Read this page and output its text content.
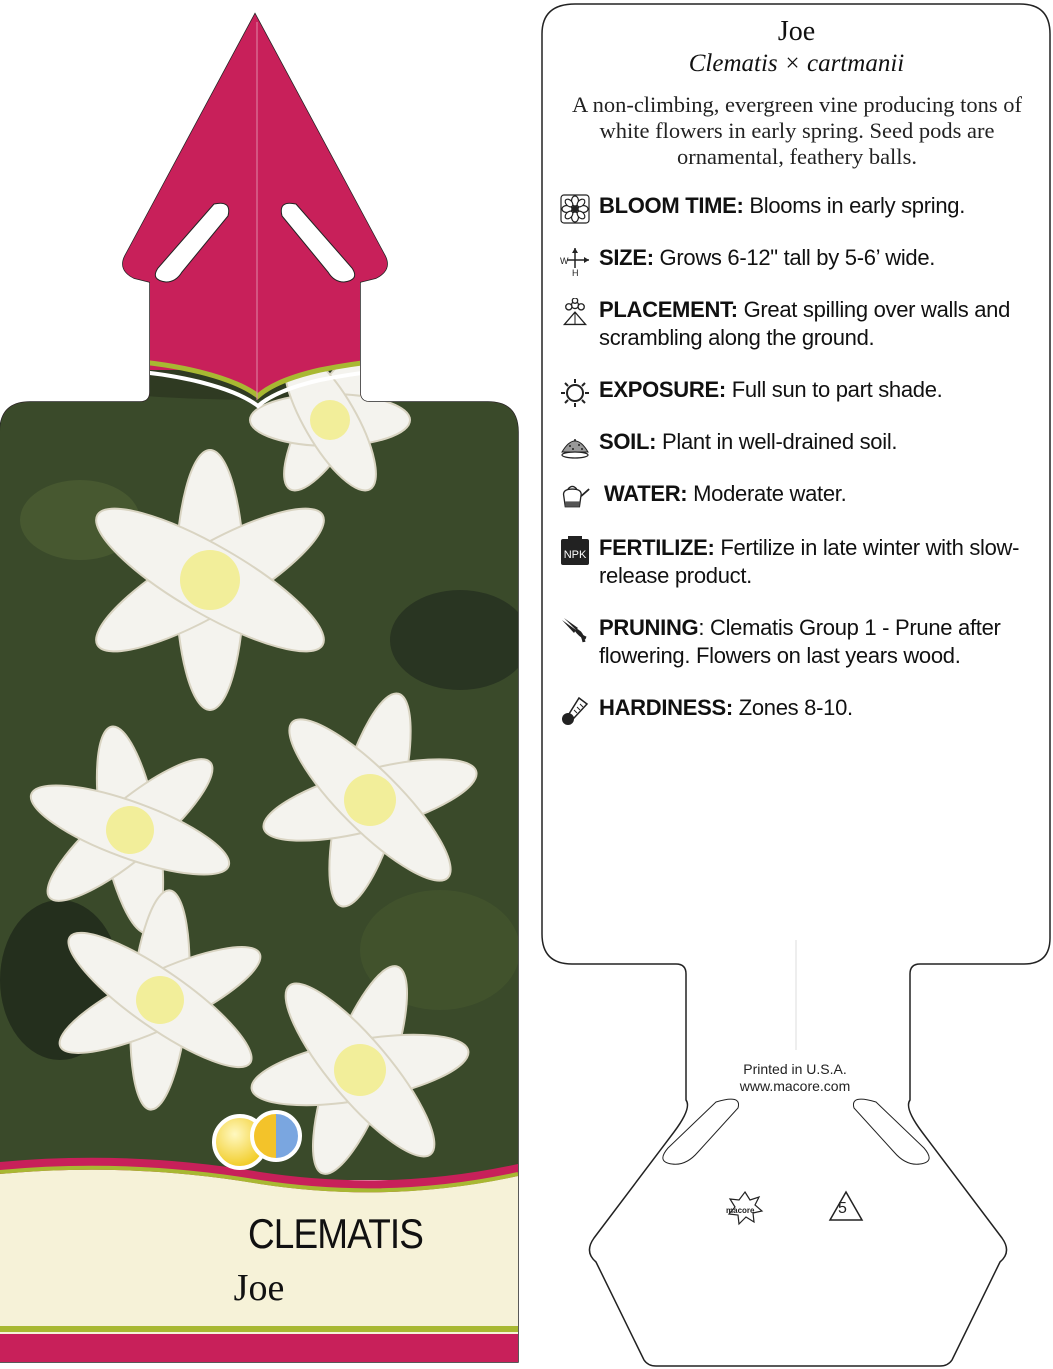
CLEMATIS
Joe
Joe
Clematis × cartmanii
A non-climbing, evergreen vine producing tons of white flowers in early spring. Seed pods are ornamental, feathery balls.
BLOOM TIME: Blooms in early spring.
W
H
SIZE: Grows 6-12" tall by 5-6’ wide.
PLACEMENT: Great spilling over walls and scrambling along the ground.
EXPOSURE: Full sun to part shade.
SOIL: Plant in well-drained soil.
WATER: Moderate water.
NPK FERTILIZE: Fertilize in late winter with slow-release product.
PRUNING: Clematis Group 1 - Prune after flowering. Flowers on last years wood.
HARDINESS: Zones 8-10.
Printed in U.S.A.
www.macore.com
macore	5
